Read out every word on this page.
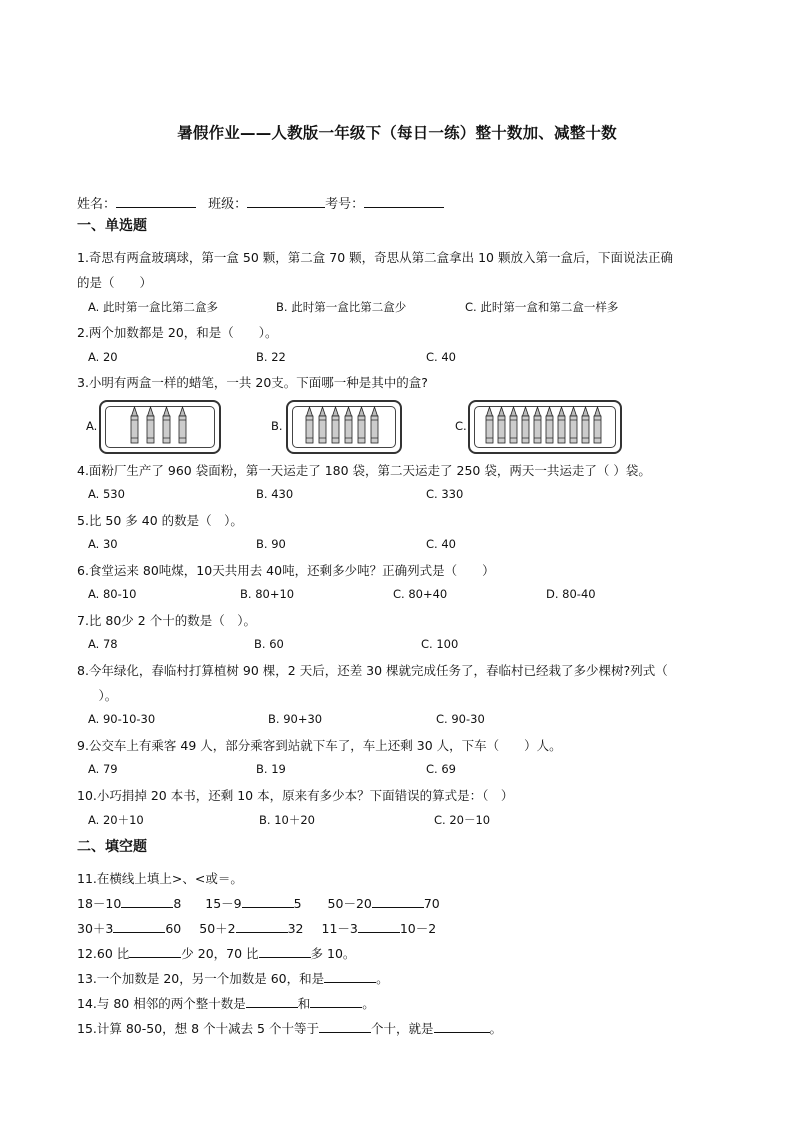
暑假作业——人教版一年级下（每日一练）整十数加、减整十数
姓名：	班级：	考号：
一、单选题
1.奇思有两盒玻璃球，第一盒 50 颗，第二盒 70 颗，奇思从第二盒拿出 10 颗放入第一盒后，下面说法正确
的是（　　）
A. 此时第一盒比第二盒多	B. 此时第一盒比第二盒少	C. 此时第一盒和第二盒一样多
2.两个加数都是 20，和是（　　）。
A. 20	B. 22	C. 40
3.小明有两盒一样的蜡笔，一共 20支。下面哪一种是其中的盒?
A.	B.	C.
4.面粉厂生产了 960 袋面粉，第一天运走了 180 袋，第二天运走了 250 袋，两天一共运走了（ ）袋。
A. 530	B. 430	C. 330
5.比 50 多 40 的数是（　）。
A. 30	B. 90	C. 40
6.食堂运来 80吨煤，10天共用去 40吨，还剩多少吨？正确列式是（　　）
A. 80-10	B. 80+10	C. 80+40	D. 80-40
7.比 80少 2 个十的数是（　）。
A. 78	B. 60	C. 100
8.今年绿化，春临村打算植树 90 棵，2 天后，还差 30 棵就完成任务了，春临村已经栽了多少棵树?列式（
　）。
A. 90-10-30	B. 90+30	C. 90-30
9.公交车上有乘客 49 人，部分乘客到站就下车了，车上还剩 30 人，下车（　　）人。
A. 79	B. 19	C. 69
10.小巧捐掉 20 本书，还剩 10 本，原来有多少本？下面错误的算式是：（　）
A. 20＋10	B. 10＋20	C. 20－10
二、填空题
11.在横线上填上>、<或＝。
18－10	8 15－9	5 50－20	70
30＋3	60 50＋2	32 11－3	10－2
12.60 比	少 20，70 比	多 10。
13.一个加数是 20，另一个加数是 60，和是	。
14.与 80 相邻的两个整十数是	和	。
15.计算 80-50，想 8 个十减去 5 个十等于	个十，就是	。
